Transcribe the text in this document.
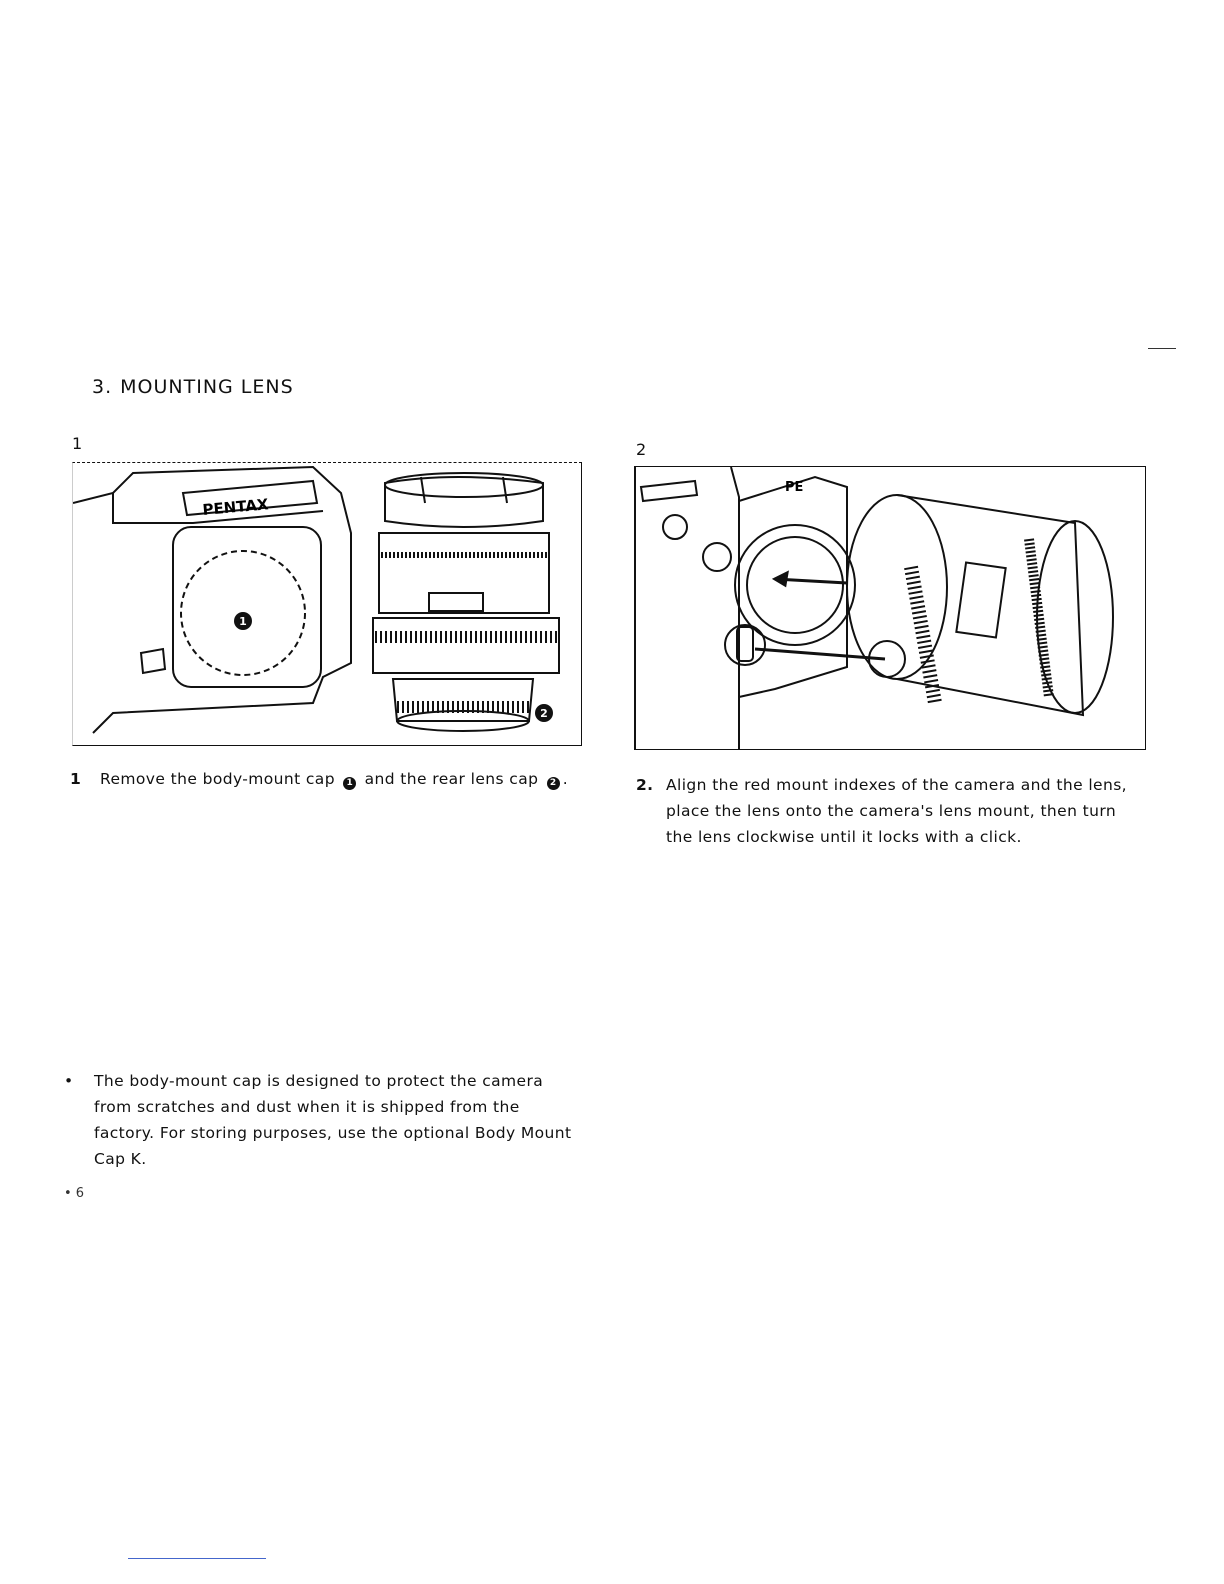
3. MOUNTING LENS
1
PENTAX
1
2
2
PE
1 Remove the body-mount cap 1 and the rear lens cap 2 .	2. Align the red mount indexes of the camera and the lens, place the lens onto the camera's lens mount, then turn the lens clockwise until it locks with a click.
• The body-mount cap is designed to protect the camera from scratches and dust when it is shipped from the factory. For storing purposes, use the optional Body Mount Cap K.
• 6
